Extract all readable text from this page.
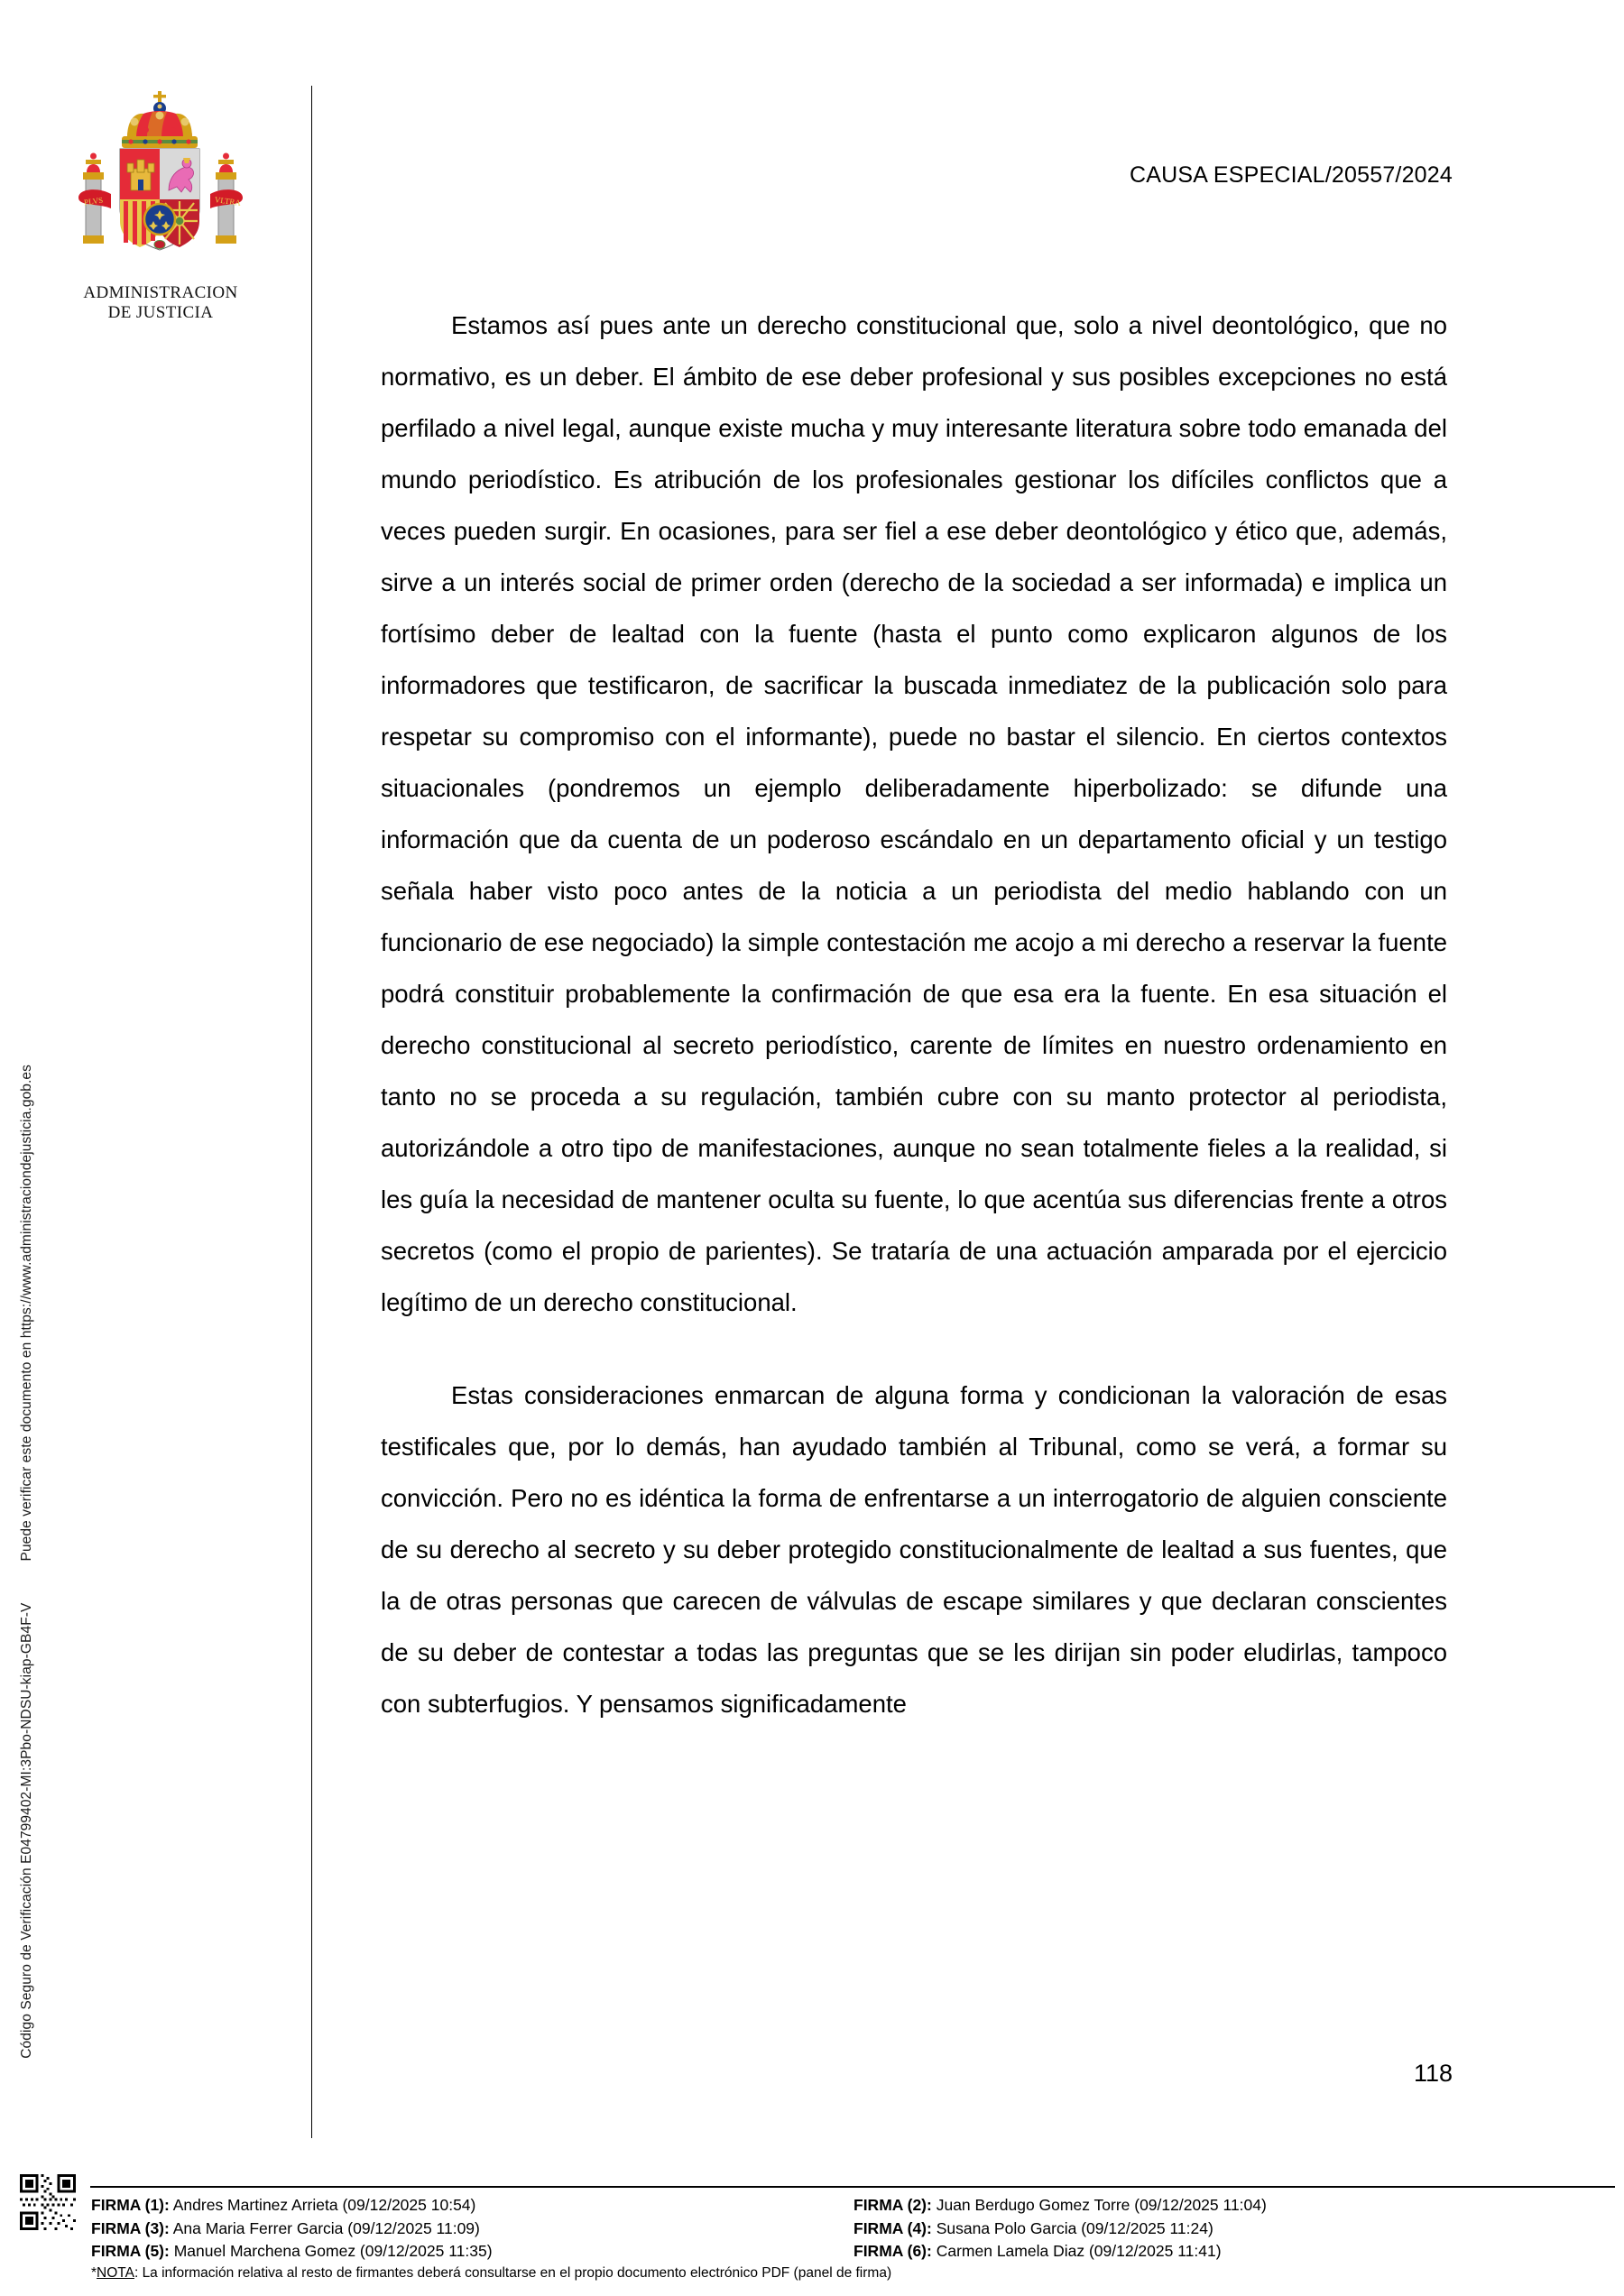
Código Seguro de Verificación E04799402-MI:3Pbo-NDSU-kiap-GB4F-VPuede verificar este documento en https://www.administraciondejusticia.gob.es
PLVS	VLTRA
ADMINISTRACION
DE JUSTICIA
CAUSA ESPECIAL/20557/2024

Estamos así pues ante un derecho constitucional que, solo a nivel deontológico, que no normativo, es un deber. El ámbito de ese deber profesional y sus posibles excepciones no está perfilado a nivel legal, aunque existe mucha y muy interesante literatura sobre todo emanada del mundo periodístico. Es atribución de los profesionales gestionar los difíciles conflictos que a veces pueden surgir. En ocasiones, para ser fiel a ese deber deontológico y ético que, además, sirve a un interés social de primer orden (derecho de la sociedad a ser informada) e implica un fortísimo deber de lealtad con la fuente (hasta el punto como explicaron algunos de los informadores que testificaron, de sacrificar la buscada inmediatez de la publicación solo para respetar su compromiso con el informante), puede no bastar el silencio. En ciertos contextos situacionales (pondremos un ejemplo deliberadamente hiperbolizado: se difunde una información que da cuenta de un poderoso escándalo en un departamento oficial y un testigo señala haber visto poco antes de la noticia a un periodista del medio hablando con un funcionario de ese negociado) la simple contestación me acojo a mi derecho a reservar la fuente podrá constituir probablemente la confirmación de que esa era la fuente. En esa situación el derecho constitucional al secreto periodístico, carente de límites en nuestro ordenamiento en tanto no se proceda a su regulación, también cubre con su manto protector al periodista, autorizándole a otro tipo de manifestaciones, aunque no sean totalmente fieles a la realidad, si les guía la necesidad de mantener oculta su fuente, lo que acentúa sus diferencias frente a otros secretos (como el propio de parientes). Se trataría de una actuación amparada por el ejercicio legítimo de un derecho constitucional.

Estas consideraciones enmarcan de alguna forma y condicionan la valoración de esas testificales que, por lo demás, han ayudado también al Tribunal, como se verá, a formar su convicción. Pero no es idéntica la forma de enfrentarse a un interrogatorio de alguien consciente de su derecho al secreto y su deber protegido constitucionalmente de lealtad a sus fuentes, que la de otras personas que carecen de válvulas de escape similares y que declaran conscientes de su deber de contestar a todas las preguntas que se les dirijan sin poder eludirlas, tampoco con subterfugios. Y pensamos significadamente

118
FIRMA (1): Andres Martinez Arrieta (09/12/2025 10:54)
FIRMA (3): Ana Maria Ferrer Garcia (09/12/2025 11:09)
FIRMA (5): Manuel Marchena Gomez (09/12/2025 11:35)
FIRMA (2): Juan Berdugo Gomez Torre (09/12/2025 11:04)
FIRMA (4): Susana Polo Garcia (09/12/2025 11:24)
FIRMA (6): Carmen Lamela Diaz (09/12/2025 11:41)
*NOTA: La información relativa al resto de firmantes deberá consultarse en el propio documento electrónico PDF (panel de firma)
